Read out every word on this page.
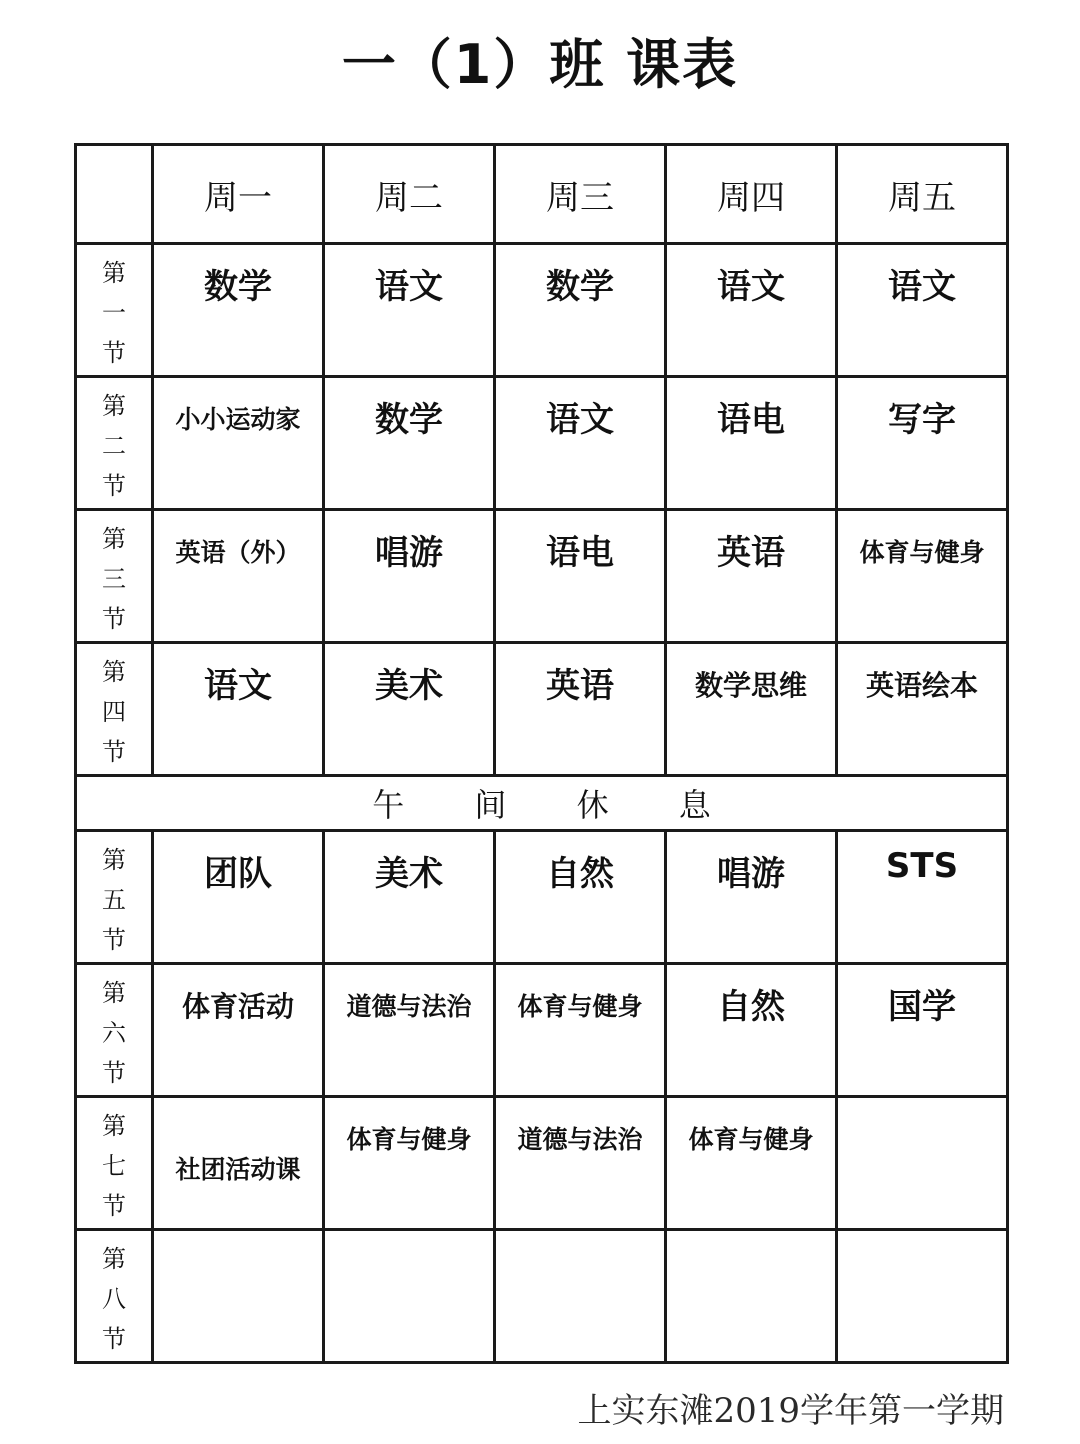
一（1）班 课表
	周一	周二	周三	周四	周五

第
一
节	数学	语文	数学	语文	语文

第
二
节	小小运动家	数学	语文	语电	写字

第
三
节	英语（外）	唱游	语电	英语	体育与健身

第
四
节	语文	美术	英语	数学思维	英语绘本

午 间 休 息					

第
五
节	团队	美术	自然	唱游	STS

第
六
节	体育活动	道德与法治	体育与健身	自然	国学

第
七
节	社团活动课	体育与健身	道德与法治	体育与健身	

第
八
节					

上实东滩2019学年第一学期
